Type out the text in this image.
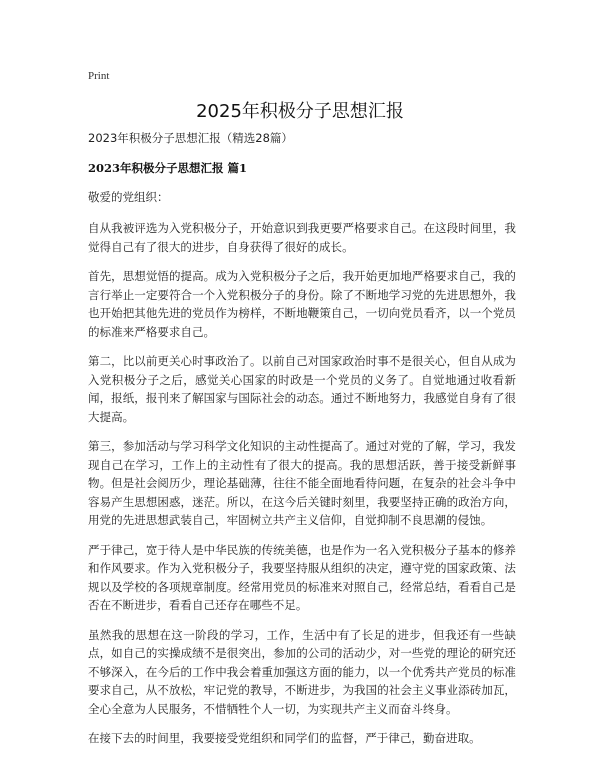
Print
2025年积极分子思想汇报

2023年积极分子思想汇报（精选28篇）

2023年积极分子思想汇报 篇1

敬爱的党组织：

自从我被评选为入党积极分子，开始意识到我更要严格要求自己。在这段时间里，我觉得自己有了很大的进步，自身获得了很好的成长。

首先，思想觉悟的提高。成为入党积极分子之后，我开始更加地严格要求自己，我的言行举止一定要符合一个入党积极分子的身份。除了不断地学习党的先进思想外，我也开始把其他先进的党员作为榜样，不断地鞭策自己，一切向党员看齐，以一个党员的标准来严格要求自己。

第二，比以前更关心时事政治了。以前自己对国家政治时事不是很关心，但自从成为入党积极分子之后，感觉关心国家的时政是一个党员的义务了。自觉地通过收看新闻，报纸，报刊来了解国家与国际社会的动态。通过不断地努力，我感觉自身有了很大提高。

第三，参加活动与学习科学文化知识的主动性提高了。通过对党的了解，学习，我发现自己在学习，工作上的主动性有了很大的提高。我的思想活跃，善于接受新鲜事物。但是社会阅历少，理论基础薄，往往不能全面地看待问题，在复杂的社会斗争中容易产生思想困惑，迷茫。所以，在这今后关键时刻里，我要坚持正确的政治方向，用党的先进思想武装自己，牢固树立共产主义信仰，自觉抑制不良思潮的侵蚀。

严于律己，宽于待人是中华民族的传统美德，也是作为一名入党积极分子基本的修养和作风要求。作为入党积极分子，我要坚持服从组织的决定，遵守党的国家政策、法规以及学校的各项规章制度。经常用党员的标准来对照自己，经常总结，看看自己是否在不断进步，看看自己还存在哪些不足。

虽然我的思想在这一阶段的学习，工作，生活中有了长足的进步，但我还有一些缺点，如自己的实操成绩不是很突出，参加的公司的活动少，对一些党的理论的研究还不够深入，在今后的工作中我会着重加强这方面的能力，以一个优秀共产党员的标准要求自己，从不放松，牢记党的教导，不断进步，为我国的社会主义事业添砖加瓦，全心全意为人民服务，不惜牺牲个人一切，为实现共产主义而奋斗终身。

在接下去的时间里，我要接受党组织和同学们的监督，严于律己，勤奋进取。
